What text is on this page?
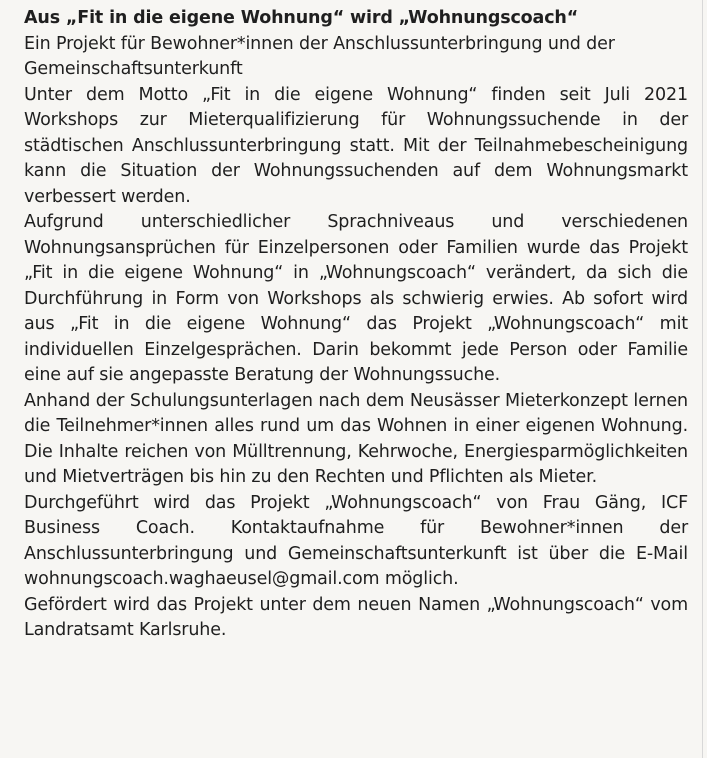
Aus „Fit in die eigene Wohnung“ wird „Wohnungscoach“

Ein Projekt für Bewohner*innen der Anschlussunterbringung und der Gemeinschaftsunterkunft

Unter dem Motto „Fit in die eigene Wohnung“ finden seit Juli 2021 Workshops zur Mieterqualifizierung für Wohnungssuchende in der städtischen Anschlussunterbringung statt. Mit der Teilnahmebescheinigung kann die Situation der Wohnungssuchenden auf dem Wohnungsmarkt verbessert werden.

Aufgrund unterschiedlicher Sprachniveaus und verschiedenen Wohnungsansprüchen für Einzelpersonen oder Familien wurde das Projekt „Fit in die eigene Wohnung“ in „Wohnungscoach“ verändert, da sich die Durchführung in Form von Workshops als schwierig erwies. Ab sofort wird aus „Fit in die eigene Wohnung“ das Projekt „Wohnungscoach“ mit individuellen Einzelgesprächen. Darin bekommt jede Person oder Familie eine auf sie angepasste Beratung der Wohnungssuche.

Anhand der Schulungsunterlagen nach dem Neusässer Mieterkonzept lernen die Teilnehmer*innen alles rund um das Wohnen in einer eigenen Wohnung. Die Inhalte reichen von Mülltrennung, Kehrwoche, Energiesparmöglichkeiten und Mietverträgen bis hin zu den Rechten und Pflichten als Mieter.

Durchgeführt wird das Projekt „Wohnungscoach“ von Frau Gäng, ICF Business Coach. Kontaktaufnahme für Bewohner*innen der Anschlussunterbringung und Gemeinschaftsunterkunft ist über die E-Mail wohnungscoach.waghaeusel@gmail.com möglich.

Gefördert wird das Projekt unter dem neuen Namen „Wohnungscoach“ vom Landratsamt Karlsruhe.
